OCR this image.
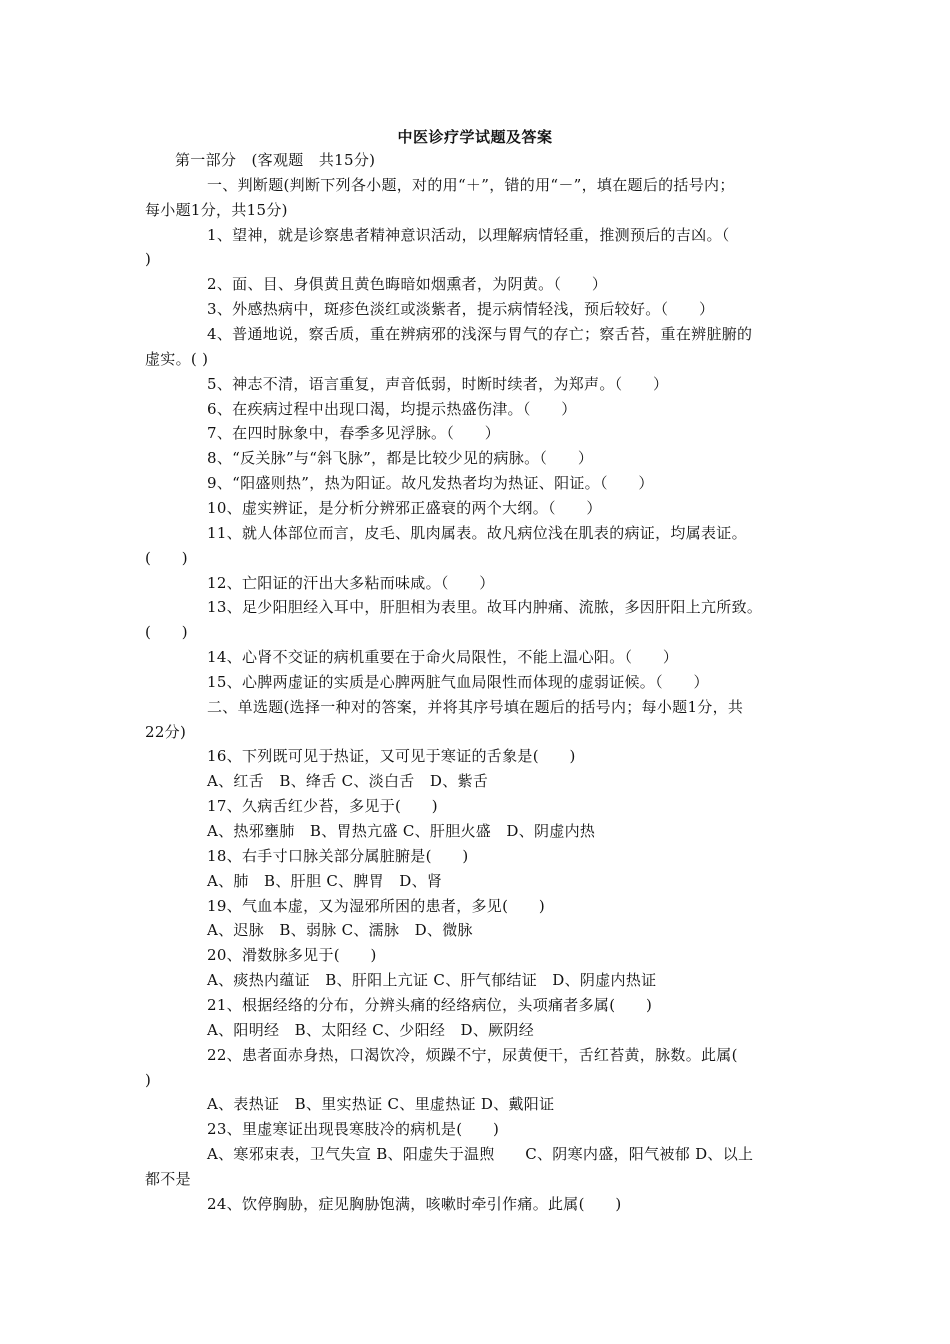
中医诊疗学试题及答案
第一部分　(客观题　共15分)
一、判断题(判断下列各小题，对的用“＋”，错的用“－”，填在题后的括号内；
每小题1分，共15分)
1、望神，就是诊察患者精神意识活动，以理解病情轻重，推测预后的吉凶。（
)
2、面、目、身俱黄且黄色晦暗如烟熏者，为阴黄。（　　）
3、外感热病中，斑疹色淡红或淡紫者，提示病情轻浅，预后较好。（　　）
4、普通地说，察舌质，重在辨病邪的浅深与胃气的存亡；察舌苔，重在辨脏腑的
虚实。( )
5、神志不清，语言重复，声音低弱，时断时续者，为郑声。（　　）
6、在疾病过程中出现口渴，均提示热盛伤津。（　　）
7、在四时脉象中，春季多见浮脉。（　　）
8、“反关脉”与“斜飞脉”，都是比较少见的病脉。（　　）
9、“阳盛则热”，热为阳证。故凡发热者均为热证、阳证。（　　）
10、虚实辨证，是分析分辨邪正盛衰的两个大纲。（　　）
11、就人体部位而言，皮毛、肌肉属表。故凡病位浅在肌表的病证，均属表证。
(　　)
12、亡阳证的汗出大多粘而味咸。（　　）
13、足少阳胆经入耳中，肝胆相为表里。故耳内肿痛、流脓，多因肝阳上亢所致。
(　　)
14、心肾不交证的病机重要在于命火局限性，不能上温心阳。（　　）
15、心脾两虚证的实质是心脾两脏气血局限性而体现的虚弱证候。（　　）
二、单选题(选择一种对的答案，并将其序号填在题后的括号内；每小题1分，共
22分)
16、下列既可见于热证，又可见于寒证的舌象是(　　)
A、红舌　B、绛舌 C、淡白舌　D、紫舌
17、久病舌红少苔，多见于(　　)
A、热邪壅肺　B、胃热亢盛 C、肝胆火盛　D、阴虚内热
18、右手寸口脉关部分属脏腑是(　　)
A、肺　B、肝胆 C、脾胃　D、肾
19、气血本虚，又为湿邪所困的患者，多见(　　)
A、迟脉　B、弱脉 C、濡脉　D、微脉
20、滑数脉多见于(　　)
A、痰热内蕴证　B、肝阳上亢证 C、肝气郁结证　D、阴虚内热证
21、根据经络的分布，分辨头痛的经络病位，头项痛者多属(　　)
A、阳明经　B、太阳经 C、少阳经　D、厥阴经
22、患者面赤身热，口渴饮冷，烦躁不宁，尿黄便干，舌红苔黄，脉数。此属(
)
A、表热证　B、里实热证 C、里虚热证 D、戴阳证
23、里虚寒证出现畏寒肢冷的病机是(　　)
A、寒邪束表，卫气失宣 B、阳虚失于温煦　　C、阴寒内盛，阳气被郁 D、以上
都不是
24、饮停胸胁，症见胸胁饱满，咳嗽时牵引作痛。此属(　　)
